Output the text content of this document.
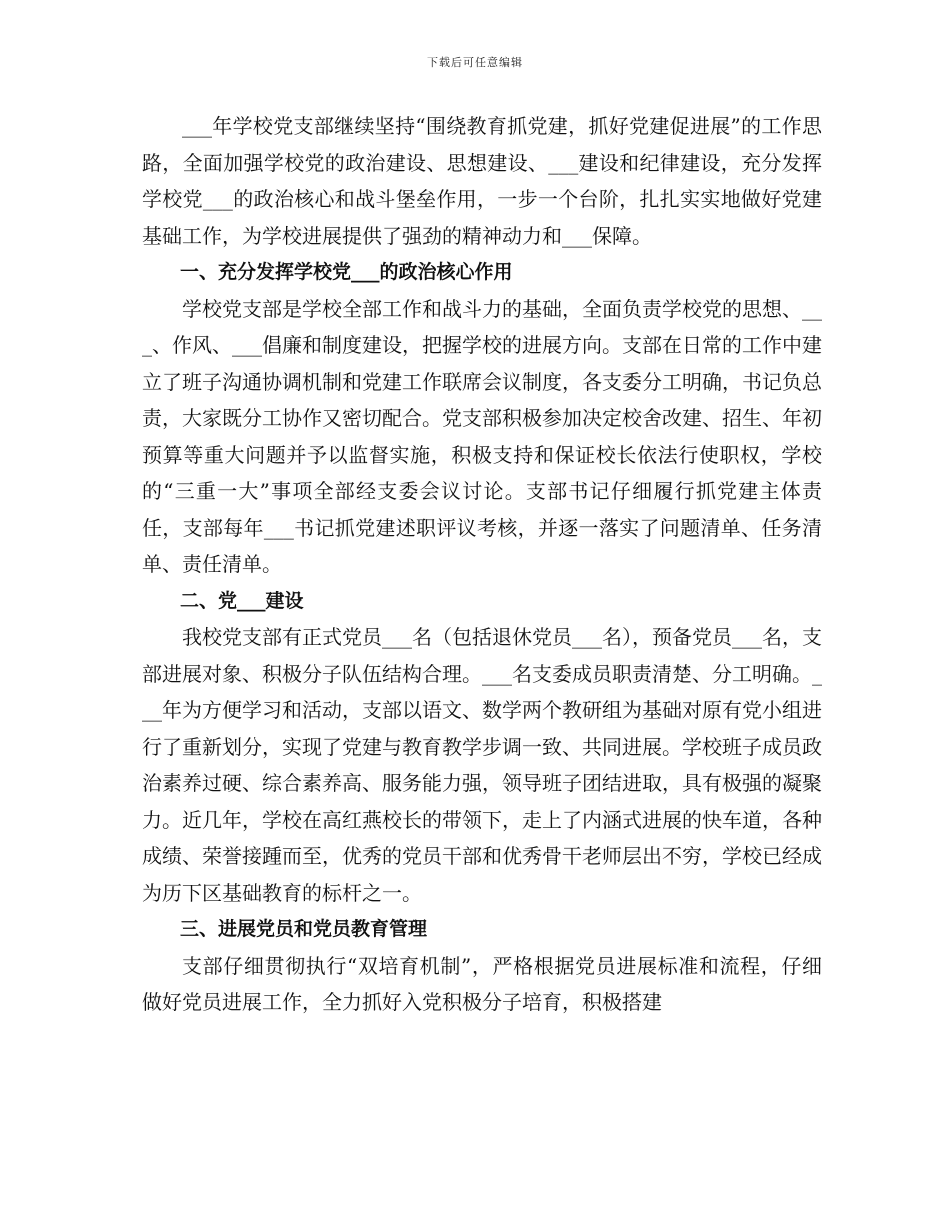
下载后可任意编辑

___年学校党支部继续坚持“围绕教育抓党建，抓好党建促进展”的工作思路，全面加强学校党的政治建设、思想建设、___建设和纪律建设，充分发挥学校党___的政治核心和战斗堡垒作用，一步一个台阶，扎扎实实地做好党建基础工作，为学校进展提供了强劲的精神动力和___保障。

一、充分发挥学校党___的政治核心作用

学校党支部是学校全部工作和战斗力的基础，全面负责学校党的思想、___、作风、___倡廉和制度建设，把握学校的进展方向。支部在日常的工作中建立了班子沟通协调机制和党建工作联席会议制度，各支委分工明确，书记负总责，大家既分工协作又密切配合。党支部积极参加决定校舍改建、招生、年初预算等重大问题并予以监督实施，积极支持和保证校长依法行使职权，学校的“三重一大”事项全部经支委会议讨论。支部书记仔细履行抓党建主体责任，支部每年___书记抓党建述职评议考核，并逐一落实了问题清单、任务清单、责任清单。

二、党___建设

我校党支部有正式党员___名（包括退休党员___名），预备党员___名，支部进展对象、积极分子队伍结构合理。___名支委成员职责清楚、分工明确。___年为方便学习和活动，支部以语文、数学两个教研组为基础对原有党小组进行了重新划分，实现了党建与教育教学步调一致、共同进展。学校班子成员政治素养过硬、综合素养高、服务能力强，领导班子团结进取，具有极强的凝聚力。近几年，学校在高红燕校长的带领下，走上了内涵式进展的快车道，各种成绩、荣誉接踵而至，优秀的党员干部和优秀骨干老师层出不穷，学校已经成为历下区基础教育的标杆之一。

三、进展党员和党员教育管理

支部仔细贯彻执行“双培育机制”，严格根据党员进展标准和流程，仔细做好党员进展工作，全力抓好入党积极分子培育，积极搭建
